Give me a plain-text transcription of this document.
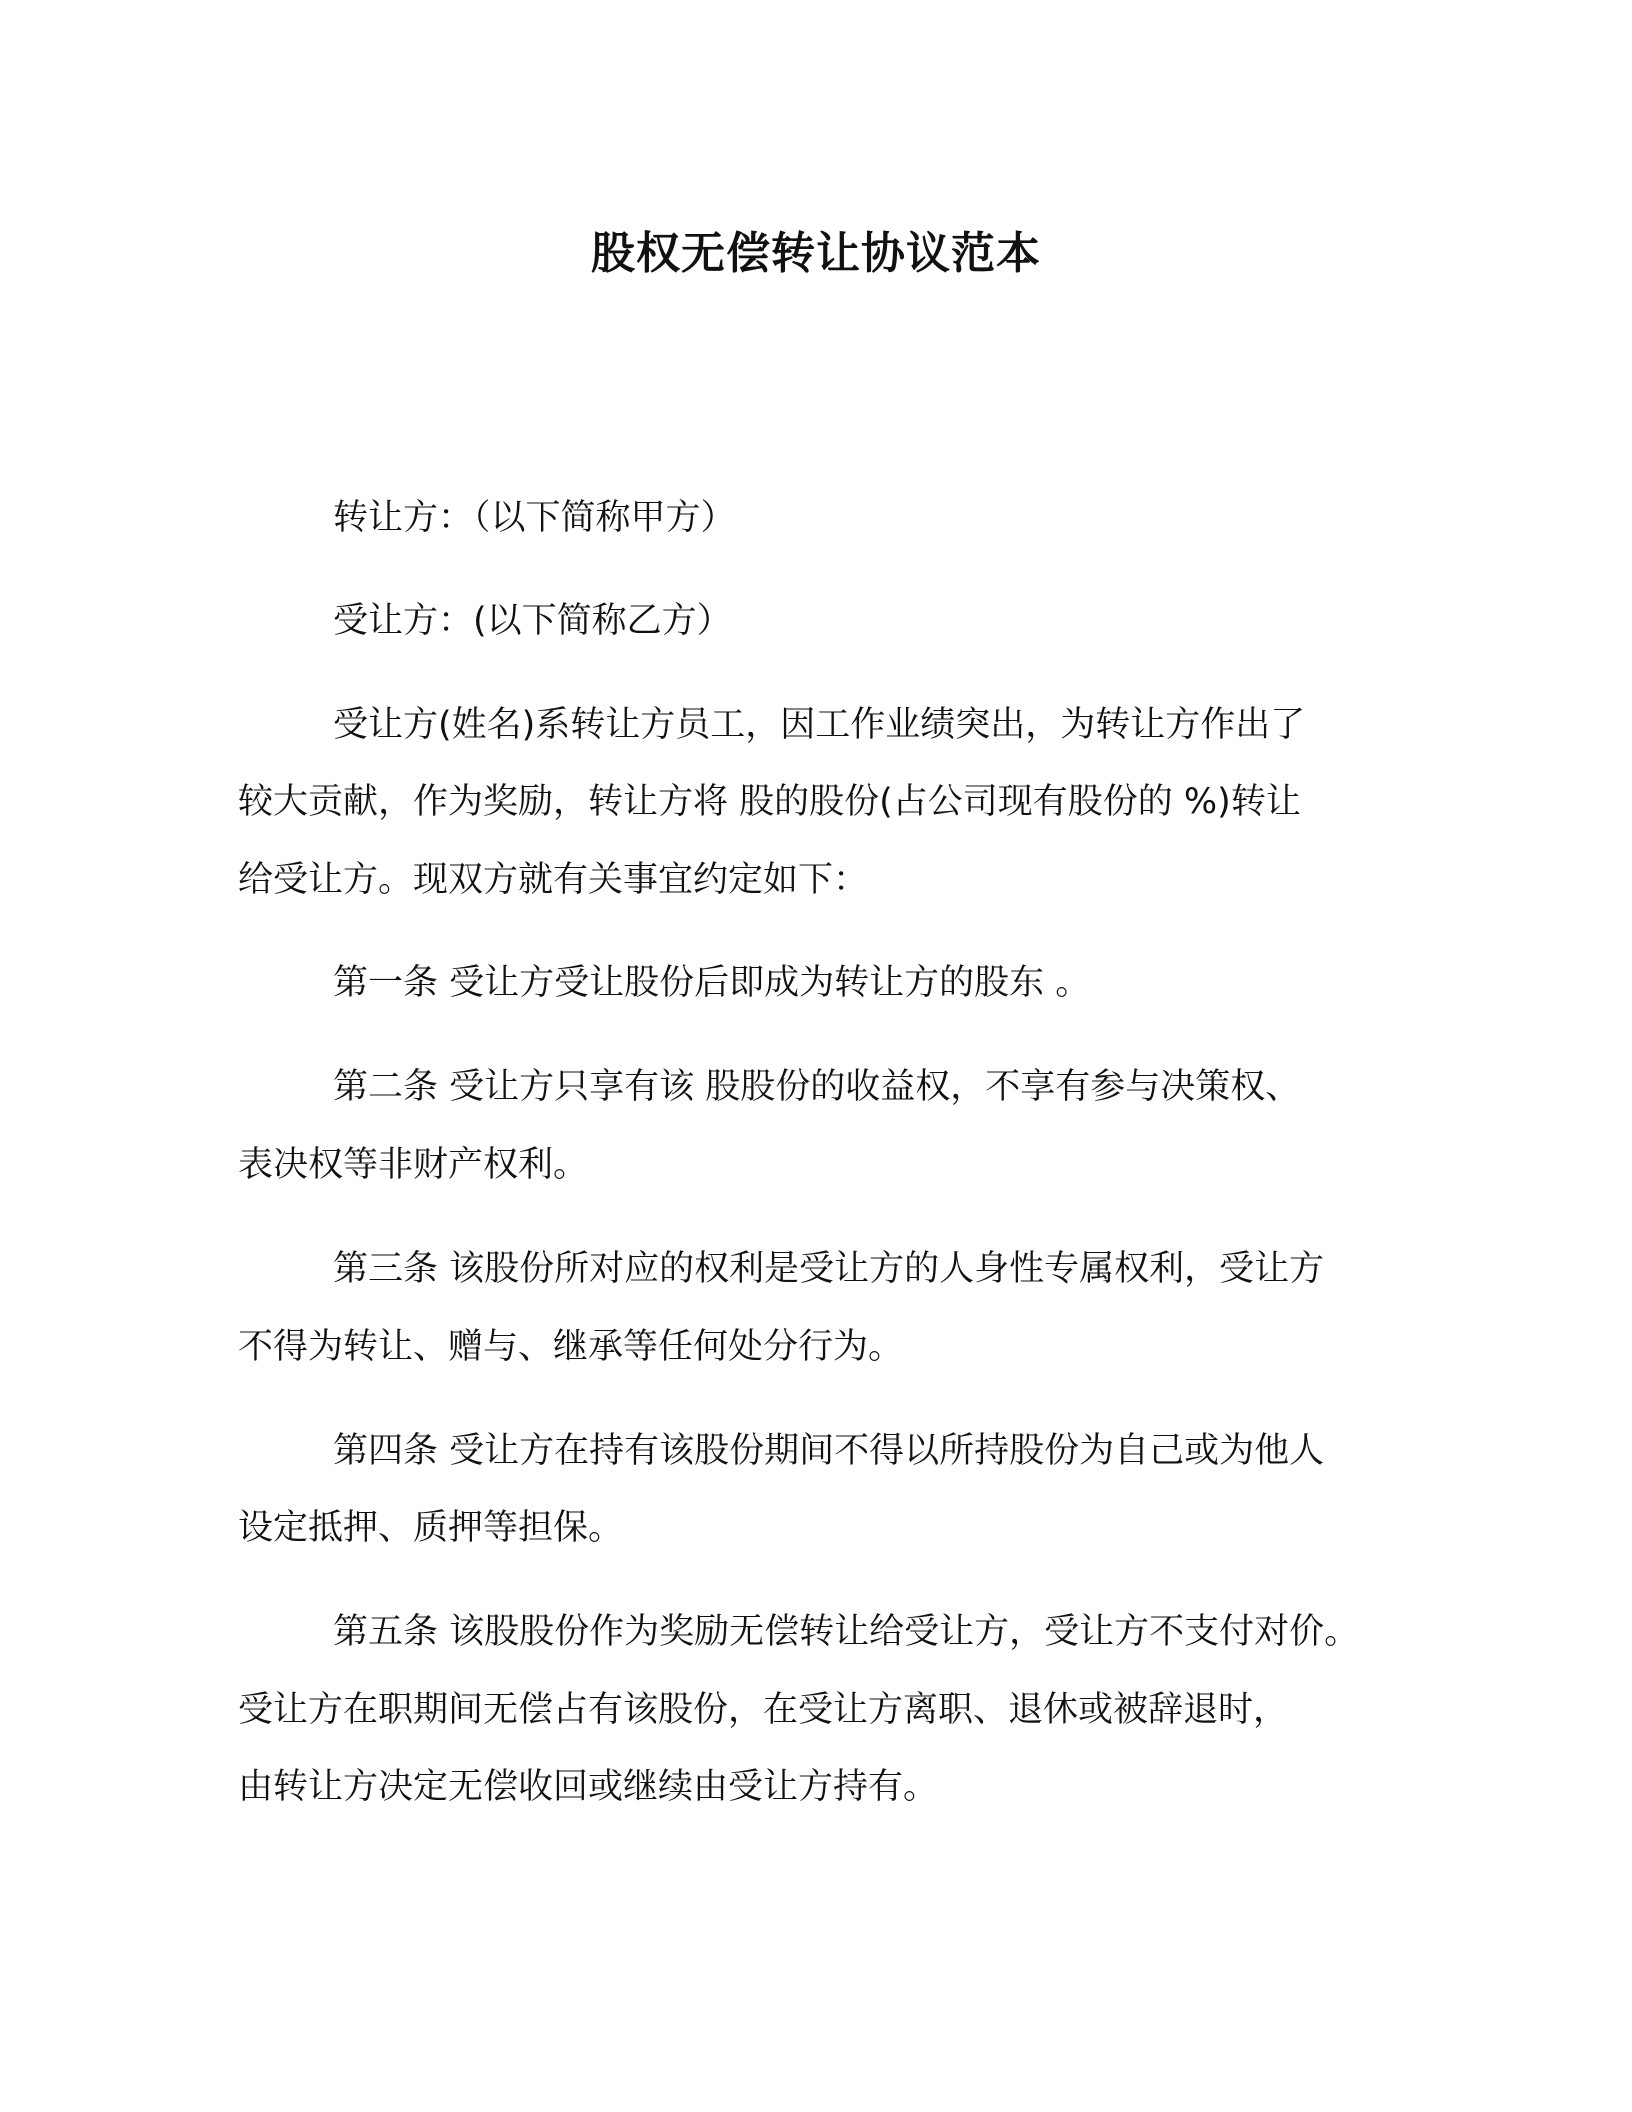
股权无偿转让协议范本
转让方：（以下简称甲方）
受让方：(以下简称乙方）
受让方(姓名)系转让方员工，因工作业绩突出，为转让方作出了
较大贡献，作为奖励，转让方将 股的股份(占公司现有股份的 %)转让
给受让方。现双方就有关事宜约定如下：
第一条 受让方受让股份后即成为转让方的股东 。
第二条 受让方只享有该 股股份的收益权，不享有参与决策权、
表决权等非财产权利。
第三条 该股份所对应的权利是受让方的人身性专属权利，受让方
不得为转让、赠与、继承等任何处分行为。
第四条 受让方在持有该股份期间不得以所持股份为自己或为他人
设定抵押、质押等担保。
第五条 该股股份作为奖励无偿转让给受让方，受让方不支付对价。
受让方在职期间无偿占有该股份，在受让方离职、退休或被辞退时，
由转让方决定无偿收回或继续由受让方持有。
